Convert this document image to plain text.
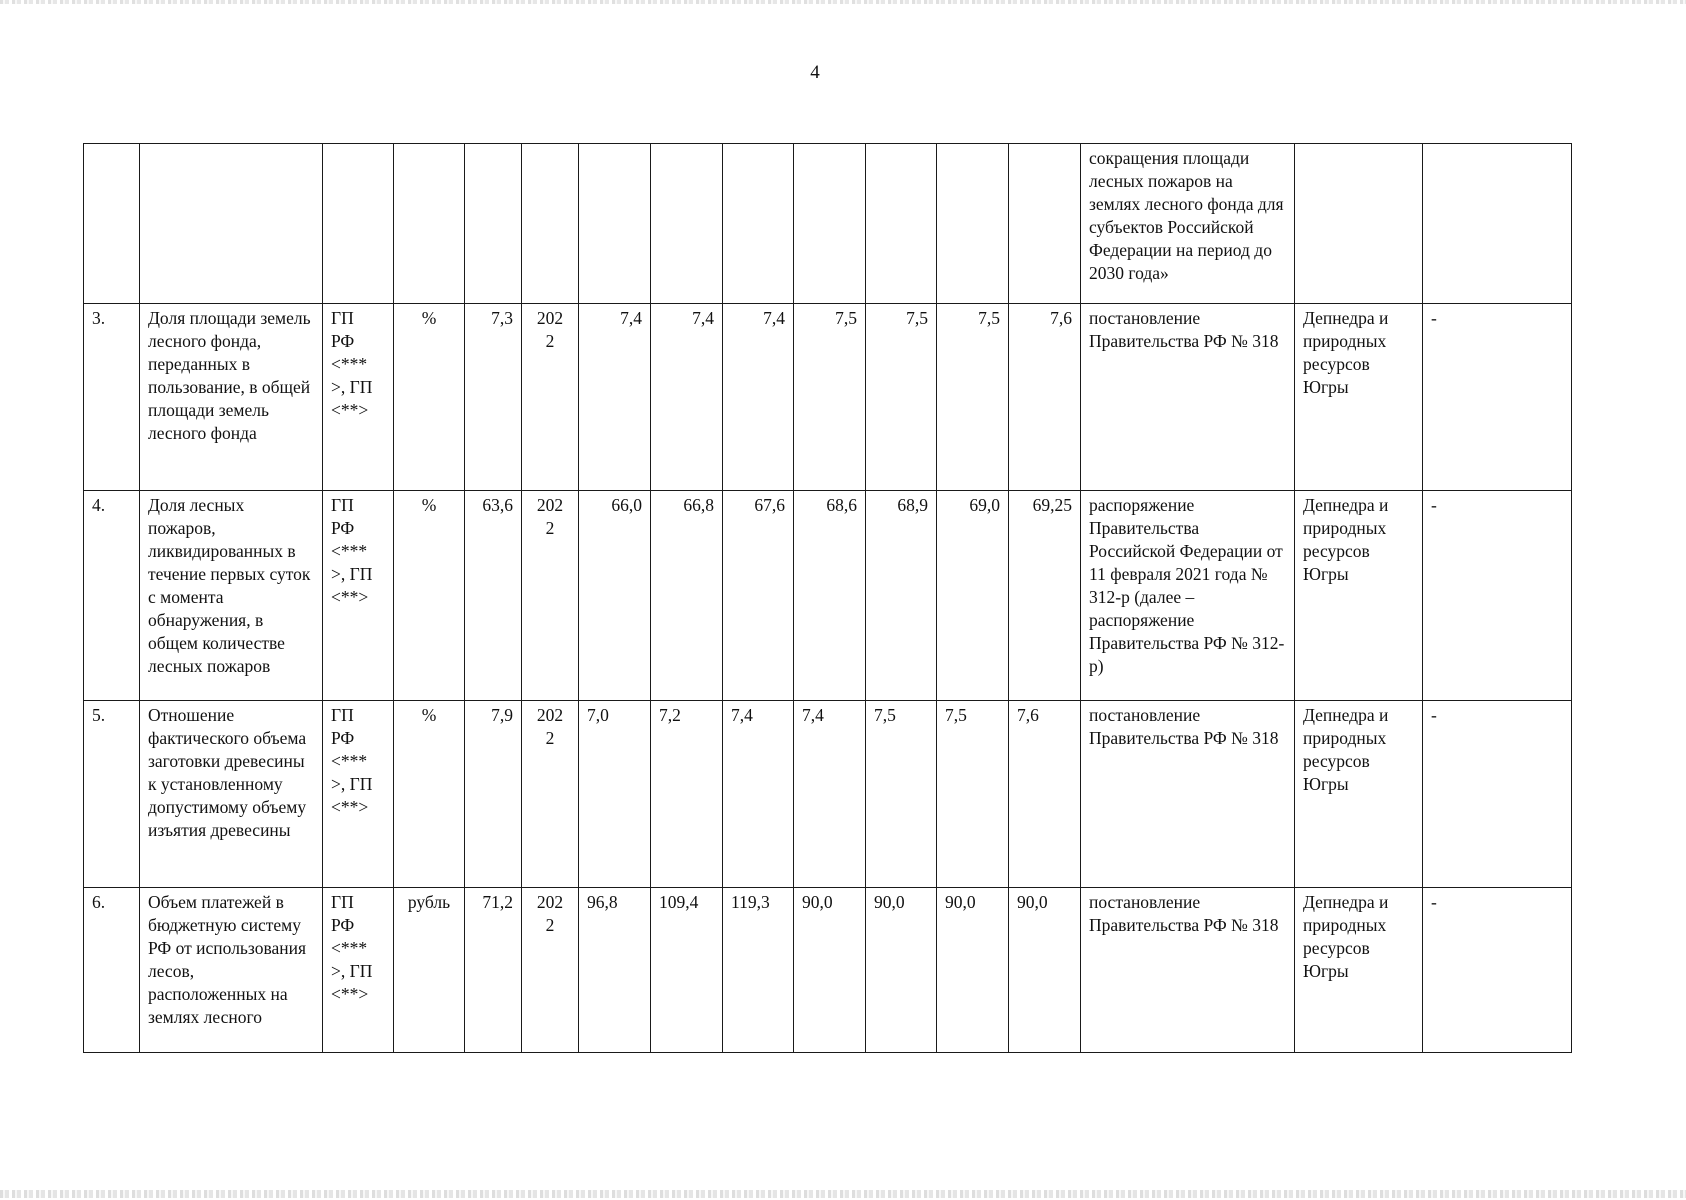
4
													сокращения площади лесных пожаров на землях лесного фонда для субъектов Российской Федерации на период до 2030 года»		
3.	Доля площади земель лесного фонда, переданных в пользование, в общей площади земель лесного фонда	ГП
РФ
<***
>, ГП
<**>	%	7,3	202
2	7,4	7,4	7,4	7,5	7,5	7,5	7,6	постановление Правительства РФ № 318	Депнедра и природных ресурсов Югры	-
4.	Доля лесных пожаров, ликвидированных в течение первых суток с момента обнаружения, в общем количестве лесных пожаров	ГП
РФ
<***
>, ГП
<**>	%	63,6	202
2	66,0	66,8	67,6	68,6	68,9	69,0	69,25	распоряжение Правительства Российской Федерации от 11 февраля 2021 года № 312-р (далее – распоряжение Правительства РФ № 312-р)	Депнедра и природных ресурсов Югры	-
5.	Отношение фактического объема заготовки древесины к установленному допустимому объему изъятия древесины	ГП
РФ
<***
>, ГП
<**>	%	7,9	202
2	7,0	7,2	7,4	7,4	7,5	7,5	7,6	постановление Правительства РФ № 318	Депнедра и природных ресурсов Югры	-
6.	Объем платежей в бюджетную систему РФ от использования лесов, расположенных на землях лесного	ГП
РФ
<***
>, ГП
<**>	рубль	71,2	202
2	96,8	109,4	119,3	90,0	90,0	90,0	90,0	постановление Правительства РФ № 318	Депнедра и природных ресурсов Югры	-
